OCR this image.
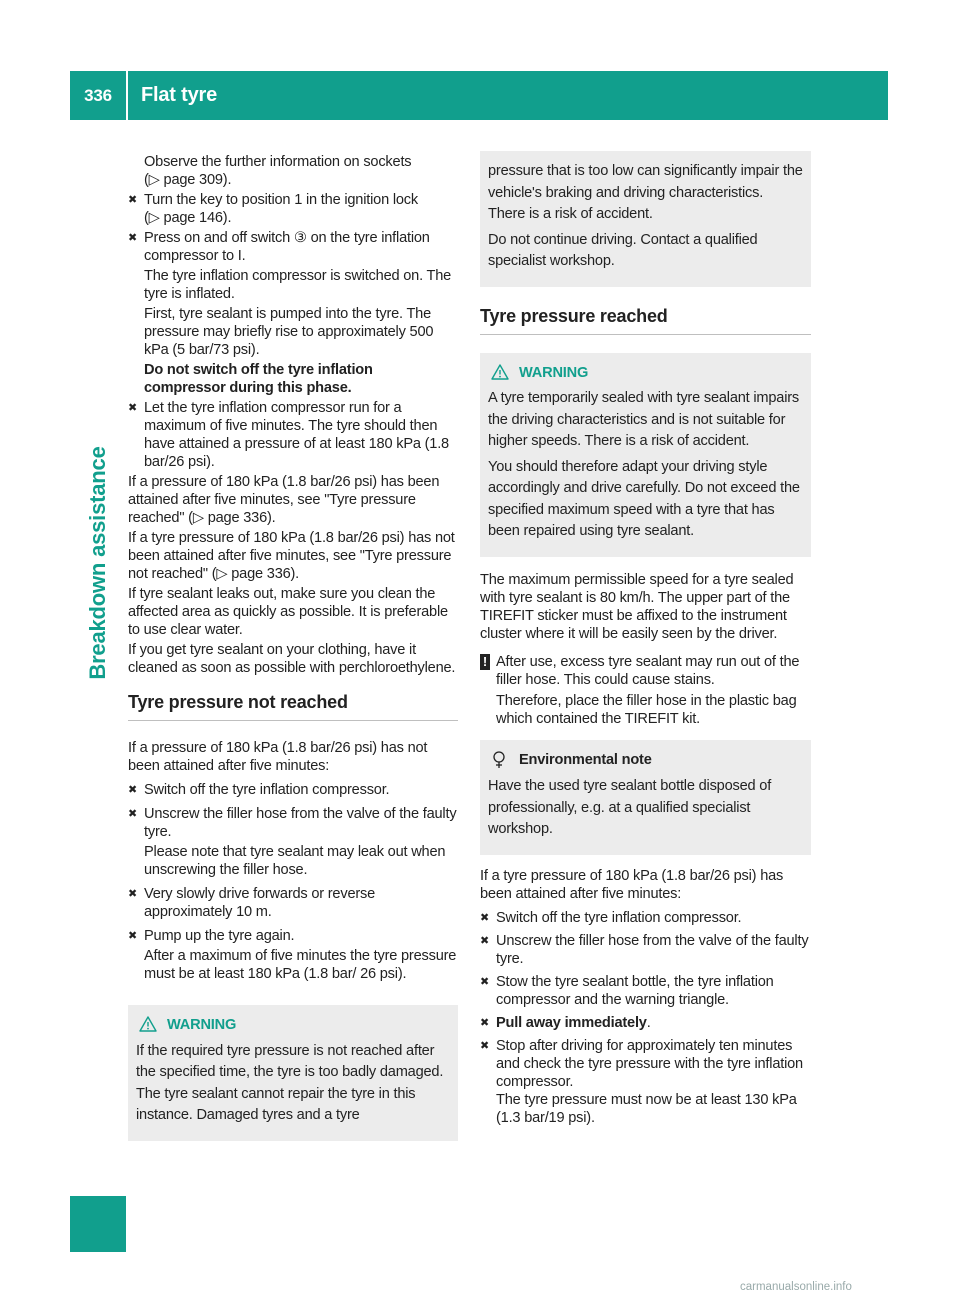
336	Flat tyre
Breakdown assistance

Observe the further information on sockets
(▷ page 309).

✖ Turn the key to position 1 in the ignition lock
(▷ page 146).
✖ Press on and off switch ③ on the tyre inflation
compressor to I.
The tyre inflation compressor is switched on. The tyre is inflated.
First, tyre sealant is pumped into the tyre. The pressure may briefly rise to approximately 500 kPa (5 bar/73 psi).
Do not switch off the tyre inflation compressor during this phase.
✖ Let the tyre inflation compressor run for a maximum of five minutes. The tyre should then have attained a pressure of at least 180 kPa (1.8 bar/26 psi).

If a pressure of 180 kPa (1.8 bar/26 psi) has been attained after five minutes, see "Tyre pressure reached" (▷ page 336).

If a tyre pressure of 180 kPa (1.8 bar/26 psi) has not been attained after five minutes, see "Tyre pressure not reached" (▷ page 336).

If tyre sealant leaks out, make sure you clean the affected area as quickly as possible. It is preferable to use clear water.

If you get tyre sealant on your clothing, have it cleaned as soon as possible with perchloroethylene.

Tyre pressure not reached

If a pressure of 180 kPa (1.8 bar/26 psi) has not been attained after five minutes:

✖ Switch off the tyre inflation compressor.
✖ Unscrew the filler hose from the valve of the faulty tyre.
Please note that tyre sealant may leak out when unscrewing the filler hose.
✖ Very slowly drive forwards or reverse approximately 10 m.
✖ Pump up the tyre again.
After a maximum of five minutes the tyre pressure must be at least 180 kPa (1.8 bar/ 26 psi).
WARNING

If the required tyre pressure is not reached after the specified time, the tyre is too badly damaged. The tyre sealant cannot repair the tyre in this instance. Damaged tyres and a tyre

pressure that is too low can significantly impair the vehicle's braking and driving characteristics. There is a risk of accident.

Do not continue driving. Contact a qualified specialist workshop.

Tyre pressure reached
WARNING

A tyre temporarily sealed with tyre sealant impairs the driving characteristics and is not suitable for higher speeds. There is a risk of accident.

You should therefore adapt your driving style accordingly and drive carefully. Do not exceed the specified maximum speed with a tyre that has been repaired using tyre sealant.

The maximum permissible speed for a tyre sealed with tyre sealant is 80 km/h. The upper part of the TIREFIT sticker must be affixed to the instrument cluster where it will be easily seen by the driver.

! After use, excess tyre sealant may run out of the filler hose. This could cause stains.
Therefore, place the filler hose in the plastic bag which contained the TIREFIT kit.
Environmental note

Have the used tyre sealant bottle disposed of professionally, e.g. at a qualified specialist workshop.

If a tyre pressure of 180 kPa (1.8 bar/26 psi) has been attained after five minutes:

✖ Switch off the tyre inflation compressor.
✖ Unscrew the filler hose from the valve of the faulty tyre.
✖ Stow the tyre sealant bottle, the tyre inflation compressor and the warning triangle.
✖ Pull away immediately.
✖ Stop after driving for approximately ten minutes and check the tyre pressure with the tyre inflation compressor.
The tyre pressure must now be at least 130 kPa (1.3 bar/19 psi).
carmanualsonline.info
